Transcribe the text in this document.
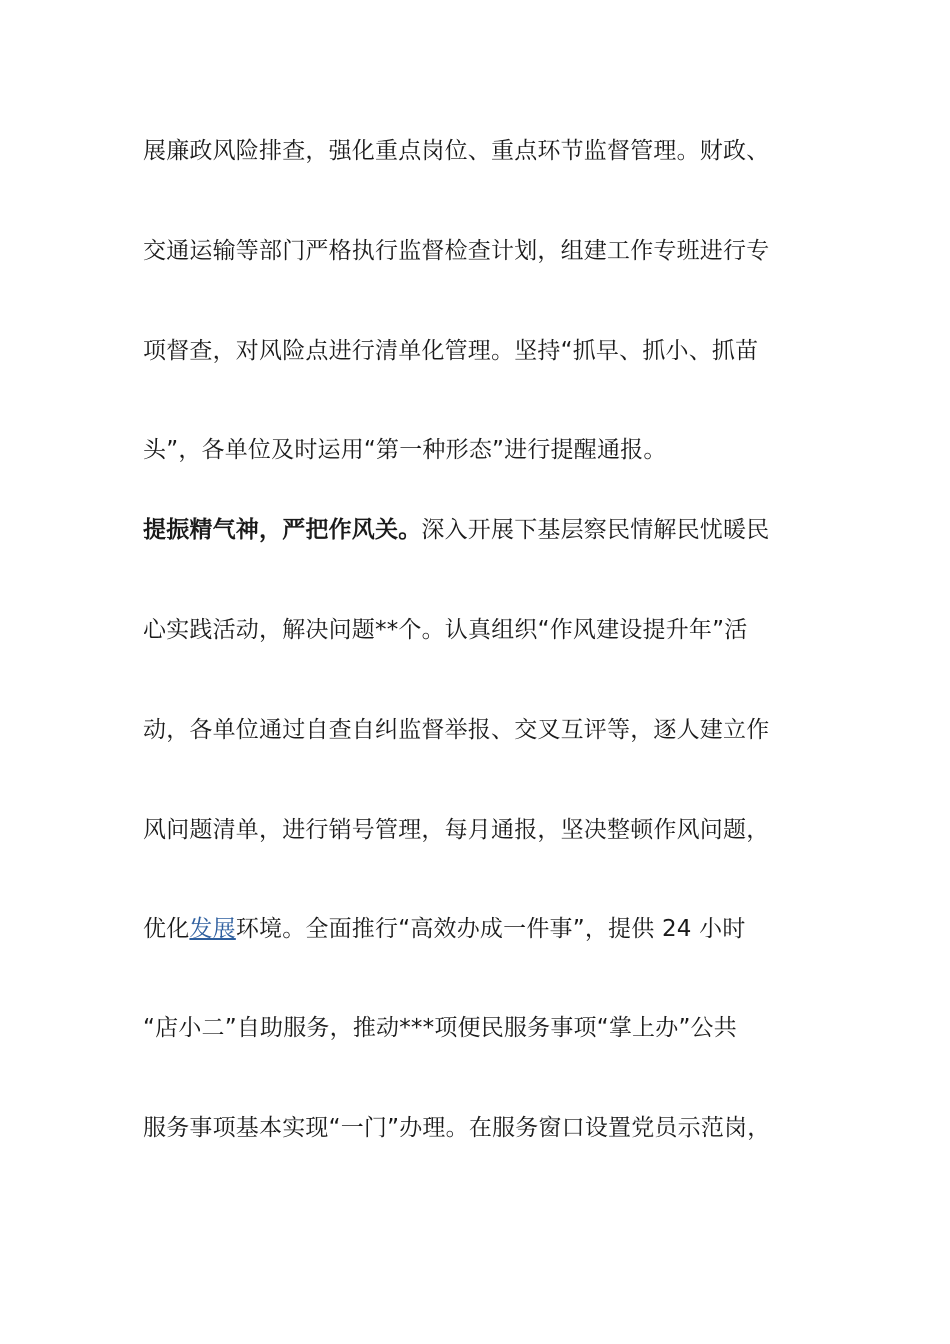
展廉政风险排查，强化重点岗位、重点环节监督管理。财政、
交通运输等部门严格执行监督检查计划，组建工作专班进行专
项督查，对风险点进行清单化管理。坚持“抓早、抓小、抓苗
头”，各单位及时运用“第一种形态”进行提醒通报。
提振精气神，严把作风关。深入开展下基层察民情解民忧暖民
心实践活动，解决问题**个。认真组织“作风建设提升年”活
动，各单位通过自查自纠监督举报、交叉互评等，逐人建立作
风问题清单，进行销号管理，每月通报，坚决整顿作风问题，
优化发展环境。全面推行“高效办成一件事”，提供 24 小时
“店小二”自助服务，推动***项便民服务事项“掌上办”公共
服务事项基本实现“一门”办理。在服务窗口设置党员示范岗，
